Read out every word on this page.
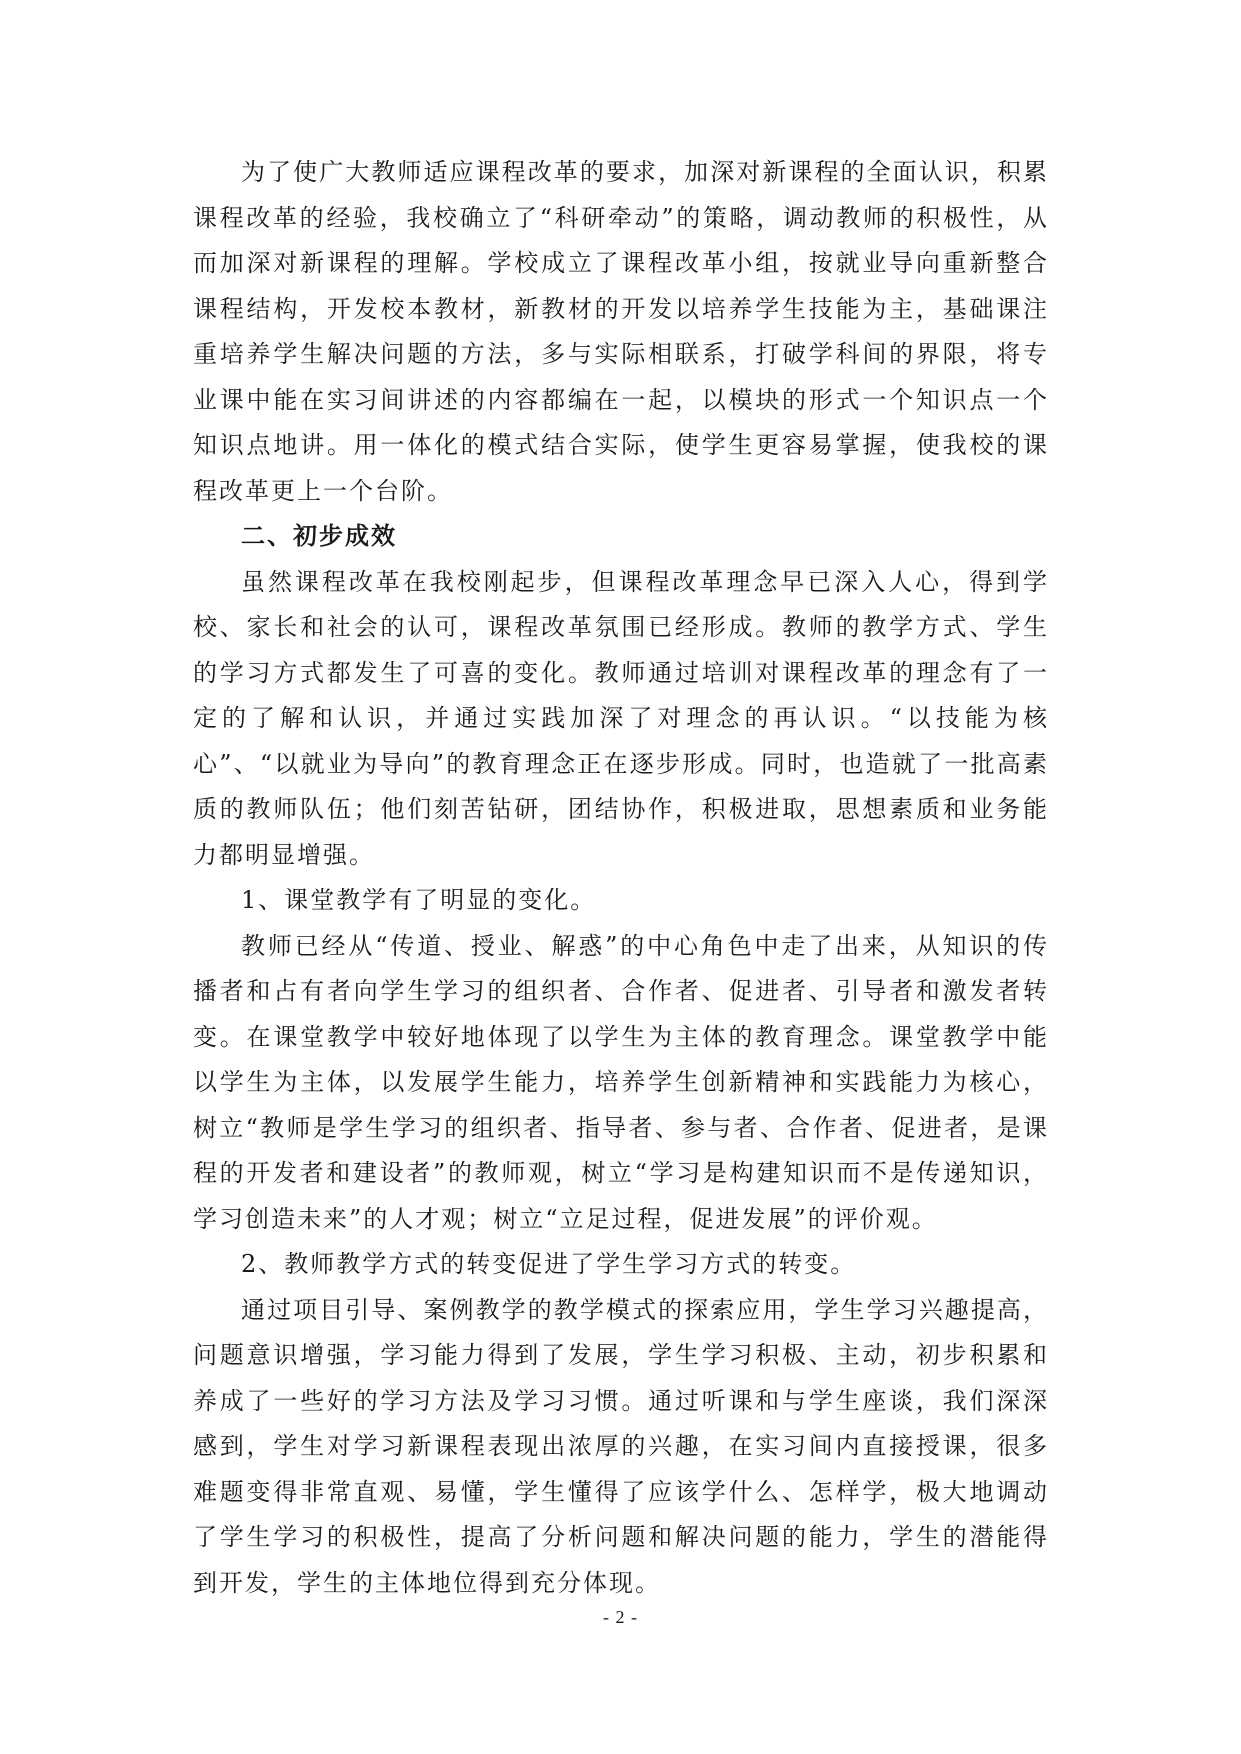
为了使广大教师适应课程改革的要求，加深对新课程的全面认识，积累课程改革的经验，我校确立了“科研牵动”的策略，调动教师的积极性，从而加深对新课程的理解。学校成立了课程改革小组，按就业导向重新整合课程结构，开发校本教材，新教材的开发以培养学生技能为主，基础课注重培养学生解决问题的方法，多与实际相联系，打破学科间的界限，将专业课中能在实习间讲述的内容都编在一起，以模块的形式一个知识点一个知识点地讲。用一体化的模式结合实际，使学生更容易掌握，使我校的课程改革更上一个台阶。

二、初步成效

虽然课程改革在我校刚起步，但课程改革理念早已深入人心，得到学校、家长和社会的认可，课程改革氛围已经形成。教师的教学方式、学生的学习方式都发生了可喜的变化。教师通过培训对课程改革的理念有了一定的了解和认识，并通过实践加深了对理念的再认识。“以技能为核心”、“以就业为导向”的教育理念正在逐步形成。同时，也造就了一批高素质的教师队伍；他们刻苦钻研，团结协作，积极进取，思想素质和业务能力都明显增强。

1、课堂教学有了明显的变化。

教师已经从“传道、授业、解惑”的中心角色中走了出来，从知识的传播者和占有者向学生学习的组织者、合作者、促进者、引导者和激发者转变。在课堂教学中较好地体现了以学生为主体的教育理念。课堂教学中能以学生为主体，以发展学生能力，培养学生创新精神和实践能力为核心，树立“教师是学生学习的组织者、指导者、参与者、合作者、促进者，是课程的开发者和建设者”的教师观，树立“学习是构建知识而不是传递知识，学习创造未来”的人才观；树立“立足过程，促进发展”的评价观。

2、教师教学方式的转变促进了学生学习方式的转变。

通过项目引导、案例教学的教学模式的探索应用，学生学习兴趣提高，问题意识增强，学习能力得到了发展，学生学习积极、主动，初步积累和养成了一些好的学习方法及学习习惯。通过听课和与学生座谈，我们深深感到，学生对学习新课程表现出浓厚的兴趣，在实习间内直接授课，很多难题变得非常直观、易懂，学生懂得了应该学什么、怎样学，极大地调动了学生学习的积极性，提高了分析问题和解决问题的能力，学生的潜能得到开发，学生的主体地位得到充分体现。

- 2 -
